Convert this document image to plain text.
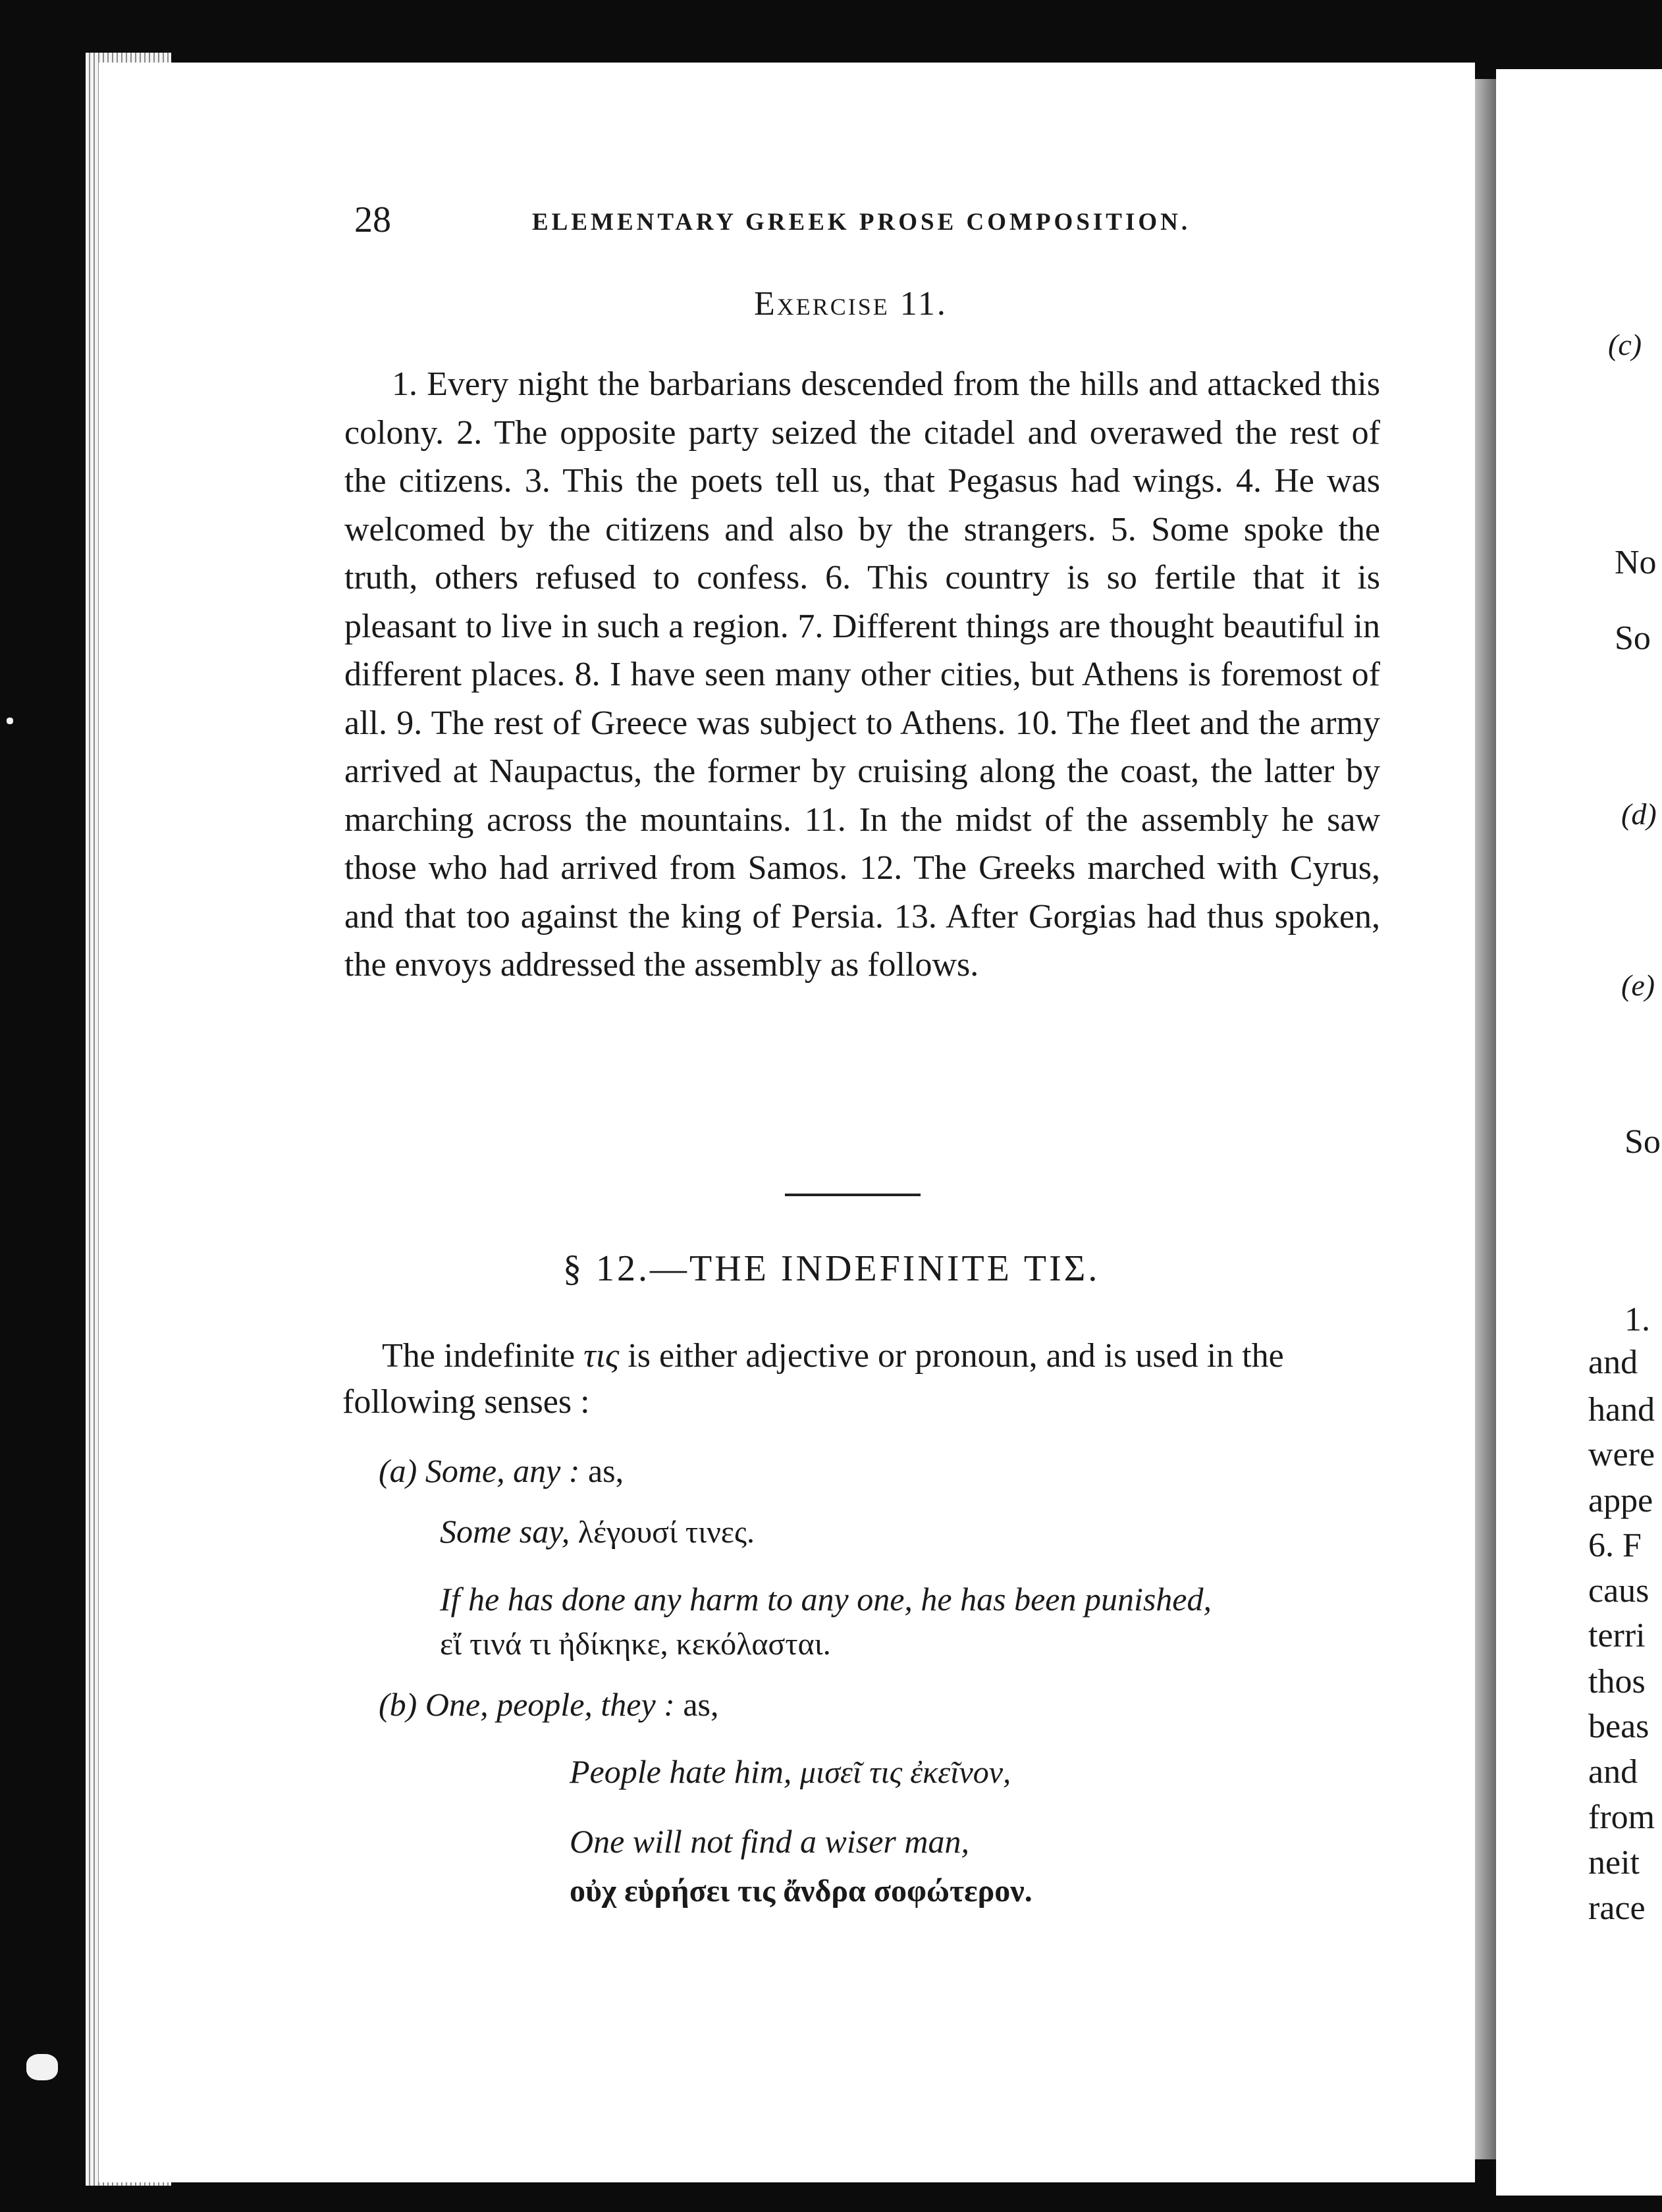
(c)
No
So
(d)
(e)
So
1.
and
hand
were
appe
6. F
caus
terri
thos
beas
and
from
neit
race
28	ELEMENTARY GREEK PROSE COMPOSITION.
Exercise 11.

1. Every night the barbarians descended from the hills and attacked this colony. 2. The opposite party seized the citadel and overawed the rest of the citizens. 3. This the poets tell us, that Pegasus had wings. 4. He was welcomed by the citizens and also by the strangers. 5. Some spoke the truth, others refused to confess. 6. This country is so fertile that it is pleasant to live in such a region. 7. Different things are thought beautiful in different places. 8. I have seen many other cities, but Athens is foremost of all. 9. The rest of Greece was subject to Athens. 10. The fleet and the army arrived at Naupactus, the former by cruising along the coast, the latter by marching across the mountains. 11. In the midst of the assembly he saw those who had arrived from Samos. 12. The Greeks marched with Cyrus, and that too against the king of Persia. 13. After Gorgias had thus spoken, the envoys addressed the assembly as follows.

§ 12.—THE INDEFINITE ΤΙΣ.

The indefinite τις is either adjective or pronoun, and is used in the following senses :

(a) Some, any : as,
Some say, λέγουσί τινες.
If he has done any harm to any one, he has been punished,
εἴ τινά τι ἠδίκηκε, κεκόλασται.
(b) One, people, they : as,
People hate him, μισεῖ τις ἐκεῖνον,
One will not find a wiser man,
οὐχ εὑρήσει τις ἄνδρα σοφώτερον.
